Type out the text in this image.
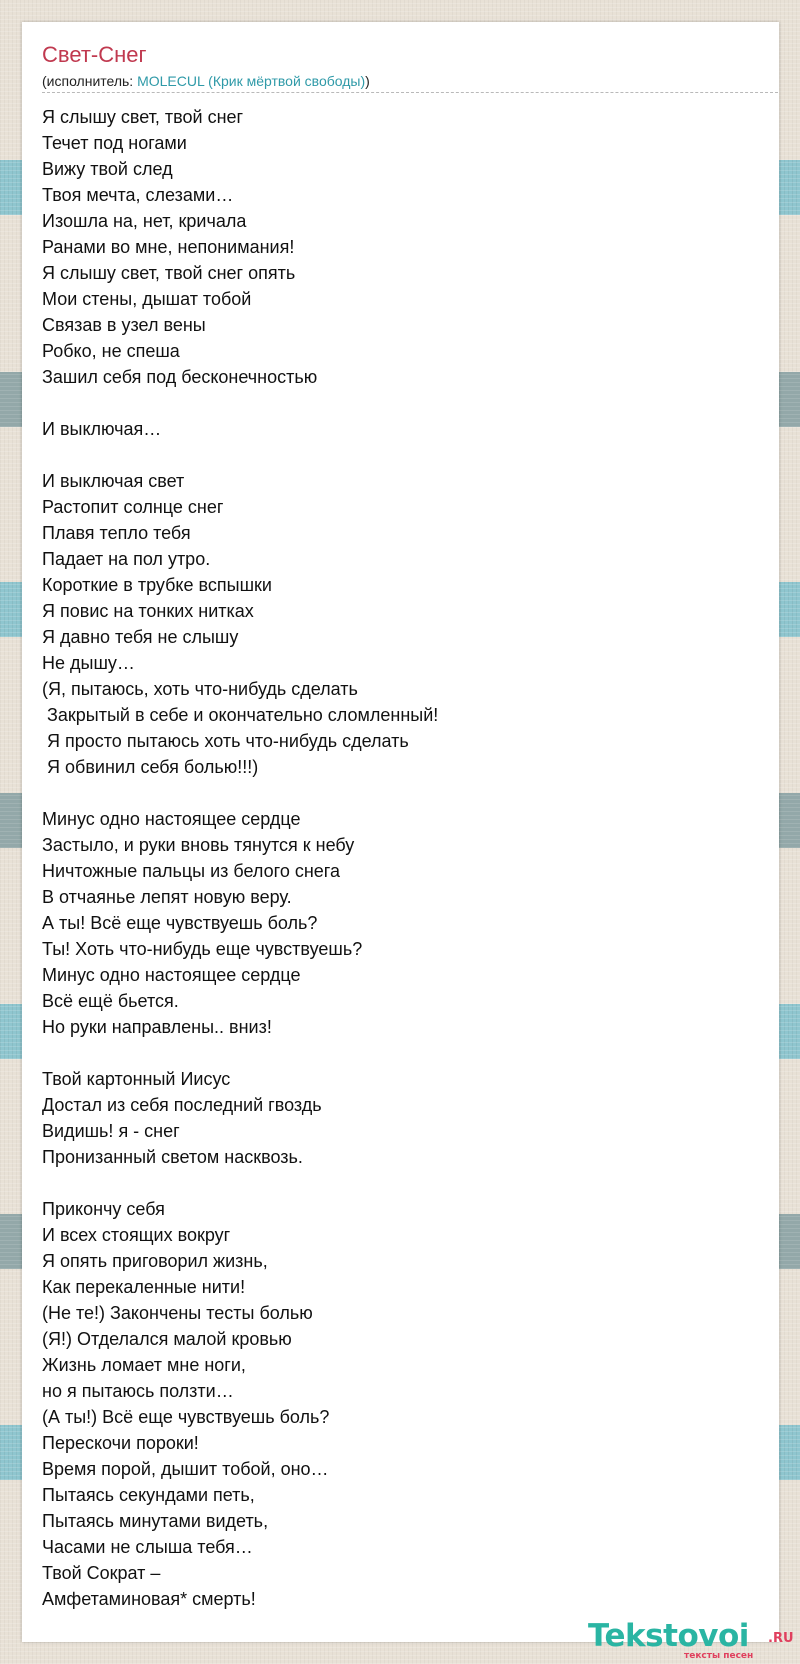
Свет-Снег
(исполнитель: MOLECUL (Крик мёртвой свободы))
Я слышу свет, твой снег
Течет под ногами
Вижу твой след
Твоя мечта, слезами…
Изошла на, нет, кричала
Ранами во мне, непонимания!
Я слышу свет, твой снег опять
Мои стены, дышат тобой
Связав в узел вены
Робко, не спеша
Зашил себя под бесконечностью
И выключая…
И выключая свет
Растопит солнце снег
Плавя тепло тебя
Падает на пол утро.
Короткие в трубке вспышки
Я повис на тонких нитках
Я давно тебя не слышу
Не дышу…
(Я, пытаюсь, хоть что-нибудь сделать
Закрытый в себе и окончательно сломленный!
Я просто пытаюсь хоть что-нибудь сделать
Я обвинил себя болью!!!)
Минус одно настоящее сердце
Застыло, и руки вновь тянутся к небу
Ничтожные пальцы из белого снега
В отчаянье лепят новую веру.
А ты! Всё еще чувствуешь боль?
Ты! Хоть что-нибудь еще чувствуешь?
Минус одно настоящее сердце
Всё ещё бьется.
Но руки направлены.. вниз!
Твой картонный Иисус
Достал из себя последний гвоздь
Видишь! я - снег
Пронизанный светом насквозь.
Прикончу себя
И всех стоящих вокруг
Я опять приговорил жизнь,
Как перекаленные нити!
(Не те!) Закончены тесты болью
(Я!) Отделался малой кровью
Жизнь ломает мне ноги,
но я пытаюсь ползти…
(А ты!) Всё еще чувствуешь боль?
Перескочи пороки!
Время порой, дышит тобой, оно…
Пытаясь секундами петь,
Пытаясь минутами видеть,
Часами не слыша тебя…
Твой Сократ –
Амфетаминовая* смерть!
Tekstovoi .RU
тексты песен
